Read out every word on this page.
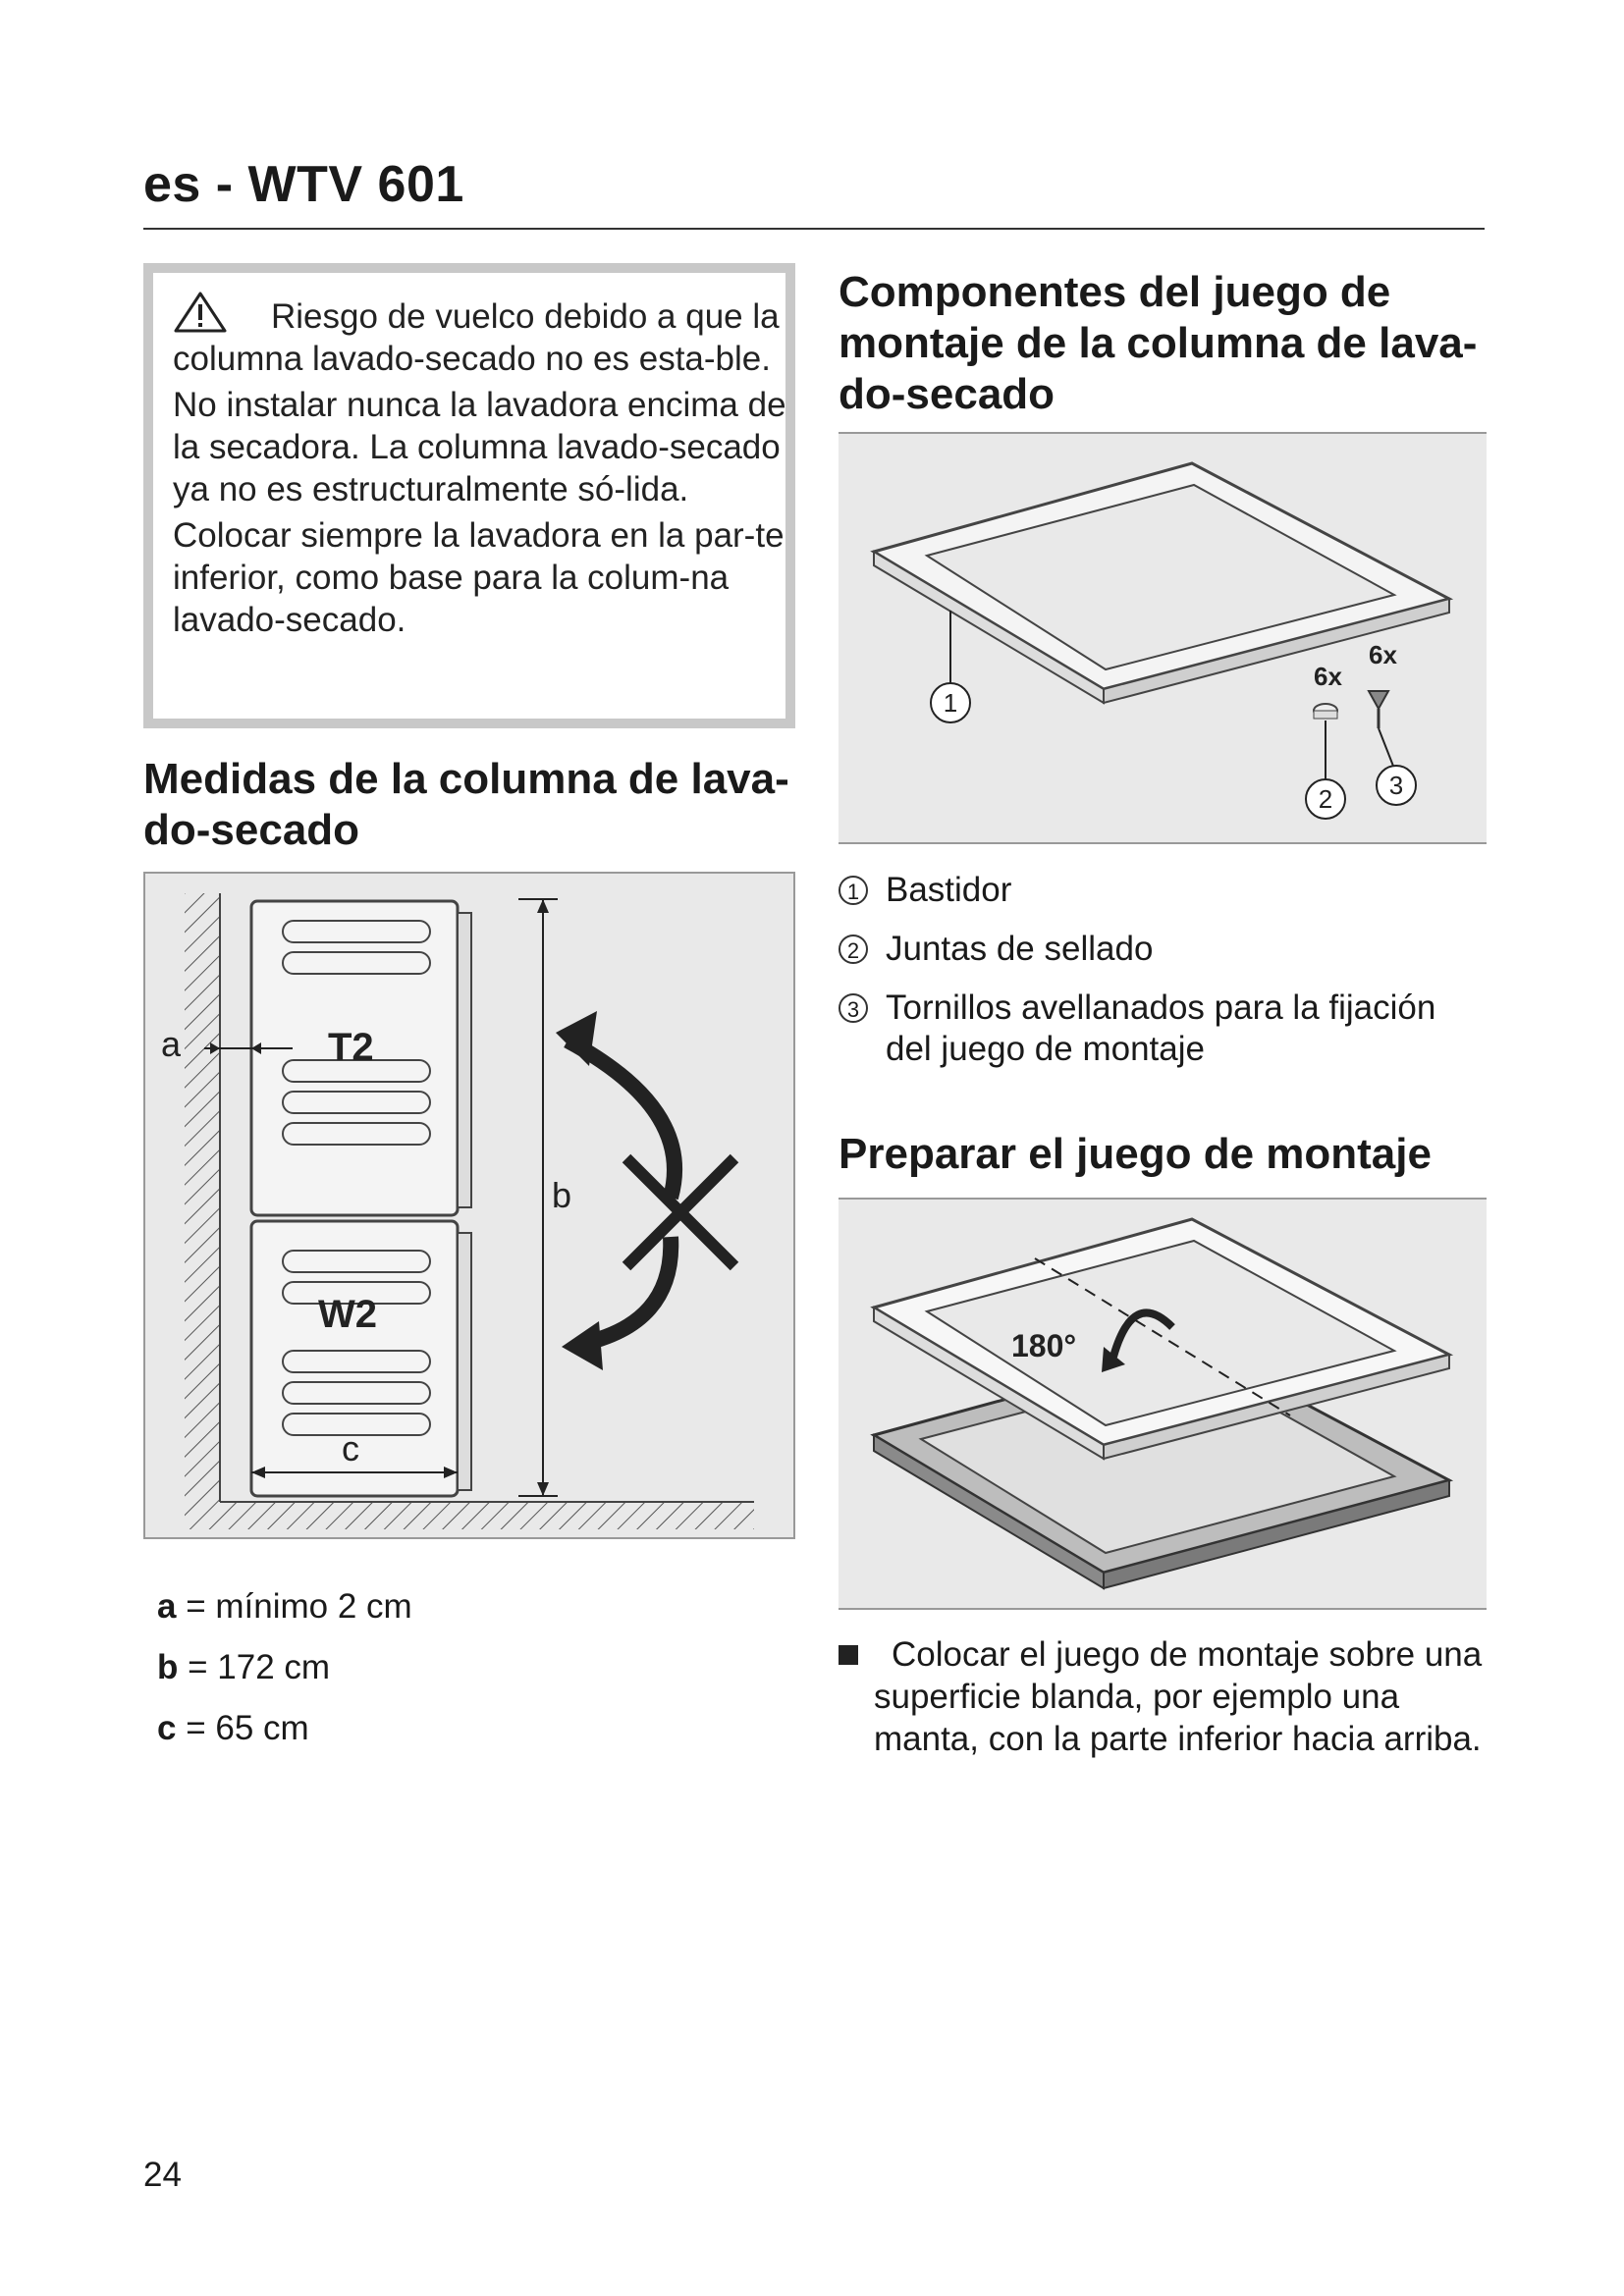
es - WTV 601

Riesgo de vuelco debido a que la columna lavado-secado no es esta-ble.

No instalar nunca la lavadora encima de la secadora. La columna lavado-secado ya no es estructuralmente só-lida.

Colocar siempre la lavadora en la par-te inferior, como base para la colum-na lavado-secado.

Medidas de la columna de lava-do-secado
a	T2
W2
b
c
a = mínimo 2 cm
b = 172 cm
c = 65 cm
Componentes del juego de montaje de la columna de lava-do-secado
1
6x
6x
2 3
1 Bastidor
2 Juntas de sellado
3 Tornillos avellanados para la fijación del juego de montaje
Preparar el juego de montaje
180°
Colocar el juego de montaje sobre una superficie blanda, por ejemplo una manta, con la parte inferior hacia arriba.
24
